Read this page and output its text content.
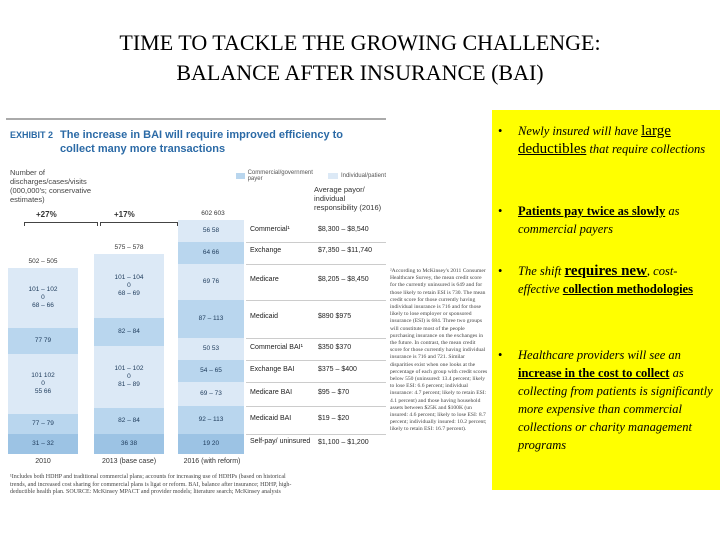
TIME TO TACKLE THE GROWING CHALLENGE:
BALANCE AFTER INSURANCE (BAI)
EXHIBIT 2 The increase in BAI will require improved efficiency to collect many more transactions
Number of discharges/cases/visits (000,000's; conservative estimates)
Commercial/government payer	Individual/patient
Average payor/ individual responsibility (2016)
+27%	+17%
502 – 505
575 – 578
602 603
101 – 102
0
68 – 66
77 79
101 102
0
55 66
77 – 79
31 – 32
2010
101 – 104
0
68 – 69
82 – 84
101 – 102
0
81 – 89
82 – 84
36 38
2013 (base case)
56 58
64 66
69 76
87 – 113
50 53
54 – 65
69 – 73
92 – 113
19 20
2016 (with reform)
Commercial¹	$8,300 – $8,540
Exchange	$7,350 – $11,740
Medicare	$8,205 – $8,450
Medicaid	$890 $975
Commercial BAI¹ $350 $370
Exchange BAI	$375 – $400
Medicare BAI	$95 – $70
Medicaid BAI	$19 – $20
Self-pay/ uninsured	$1,100 – $1,200
¹Includes both HDHP and traditional commercial plans; accounts for increasing use of HDHPs (based on historical trends, and increased cost sharing for commercial plans is ligat or reform. BAI, balance after insurance; HDHP, high-deductible health plan. SOURCE: McKinsey MPACT and provider models; literature search; McKinsey analysis
²According to McKinsey's 2011 Consumer Healthcare Survey, the mean credit score for the currently uninsured is 649 and for those likely to retain ESI is 730. The mean credit score for those currently having individual insurance is 716 and for those likely to lose employer or sponsored insurance (ESI) is 684. Three two groups will constitute most of the people purchasing insurance on the exchanges in the future. In contrast, the mean credit score for those currently having individual insurance is 716 and 721. Similar disparities exist when one looks at the percentage of each group with credit scores below 550 (uninsured: 13.4 percent; likely to lose ESI: 6.6 percent; individual insurance: 4.7 percent; likely to retain ESI: 4.1 percent) and those having household assets between $25K and $100K (un insured: 4.6 percent; likely to lose ESI: 8.7 percent; individually insured: 10.2 percent; likely to retain ESI: 16.7 percent).
• Newly insured will have large deductibles that require collections
• Patients pay twice as slowly as commercial payers
• The shift requires new, cost-effective collection methodologies
• Healthcare providers will see an increase in the cost to collect as collecting from patients is significantly more expensive than commercial collections or charity management programs
